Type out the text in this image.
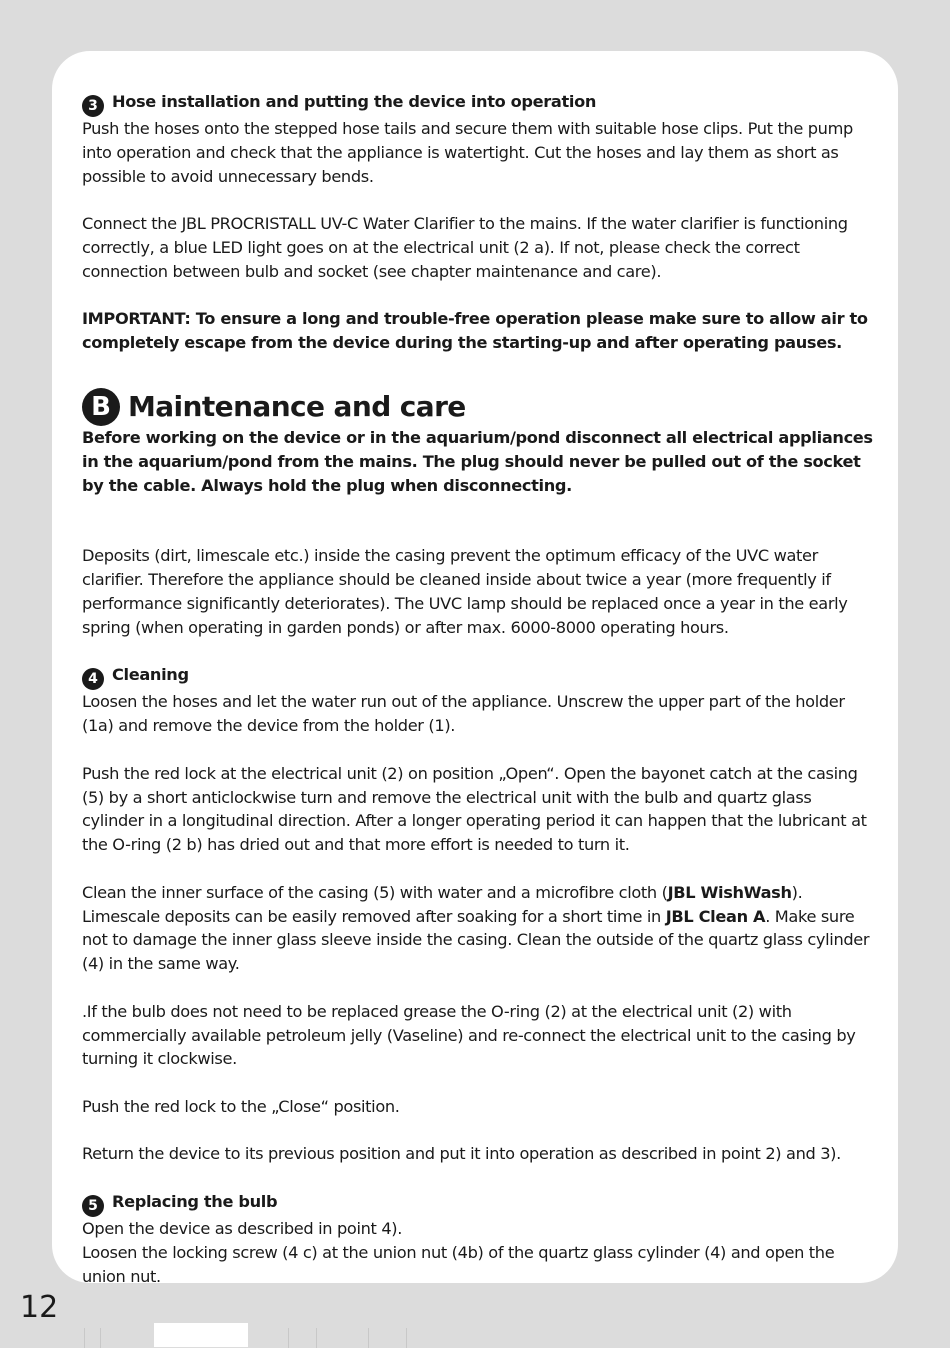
3 Hose installation and putting the device into operation

Push the hoses onto the stepped hose tails and secure them with suitable hose clips. Put the pump into operation and check that the appliance is watertight. Cut the hoses and lay them as short as possible to avoid unnecessary bends.

Connect the JBL PROCRISTALL UV-C Water Clarifier to the mains. If the water clarifier is functioning correctly, a blue LED light goes on at the electrical unit (2 a). If not, please check the correct connection between bulb and socket (see chapter maintenance and care).

IMPORTANT: To ensure a long and trouble-free operation please make sure to allow air to completely escape from the device during the starting-up and after operating pauses.

B Maintenance and care

Before working on the device or in the aquarium/pond disconnect all electrical appliances in the aquarium/pond from the mains. The plug should never be pulled out of the socket by the cable. Always hold the plug when disconnecting.

Deposits (dirt, limescale etc.) inside the casing prevent the optimum efficacy of the UVC water clarifier. Therefore the appliance should be cleaned inside about twice a year (more frequently if performance significantly deteriorates). The UVC lamp should be replaced once a year in the early spring (when operating in garden ponds) or after max. 6000-8000 operating hours.

4 Cleaning

Loosen the hoses and let the water run out of the appliance. Unscrew the upper part of the holder (1a) and remove the device from the holder (1).

Push the red lock at the electrical unit (2) on position „Open“. Open the bayonet catch at the casing (5) by a short anticlockwise turn and remove the electrical unit with the bulb and quartz glass cylinder in a longitudinal direction. After a longer operating period it can happen that the lubricant at the O-ring (2 b) has dried out and that more effort is needed to turn it.

Clean the inner surface of the casing (5) with water and a microfibre cloth (JBL WishWash). Limescale deposits can be easily removed after soaking for a short time in JBL Clean A. Make sure not to damage the inner glass sleeve inside the casing. Clean the outside of the quartz glass cylinder (4) in the same way.

.If the bulb does not need to be replaced grease the O-ring (2) at the electrical unit (2) with commercially available petroleum jelly (Vaseline) and re-connect the electrical unit to the casing by turning it clockwise.

Push the red lock to the „Close“ position.

Return the device to its previous position and put it into operation as described in point 2) and 3).

5 Replacing the bulb

Open the device as described in point 4).

Loosen the locking screw (4 c) at the union nut (4b) of the quartz glass cylinder (4) and open the union nut.

12
